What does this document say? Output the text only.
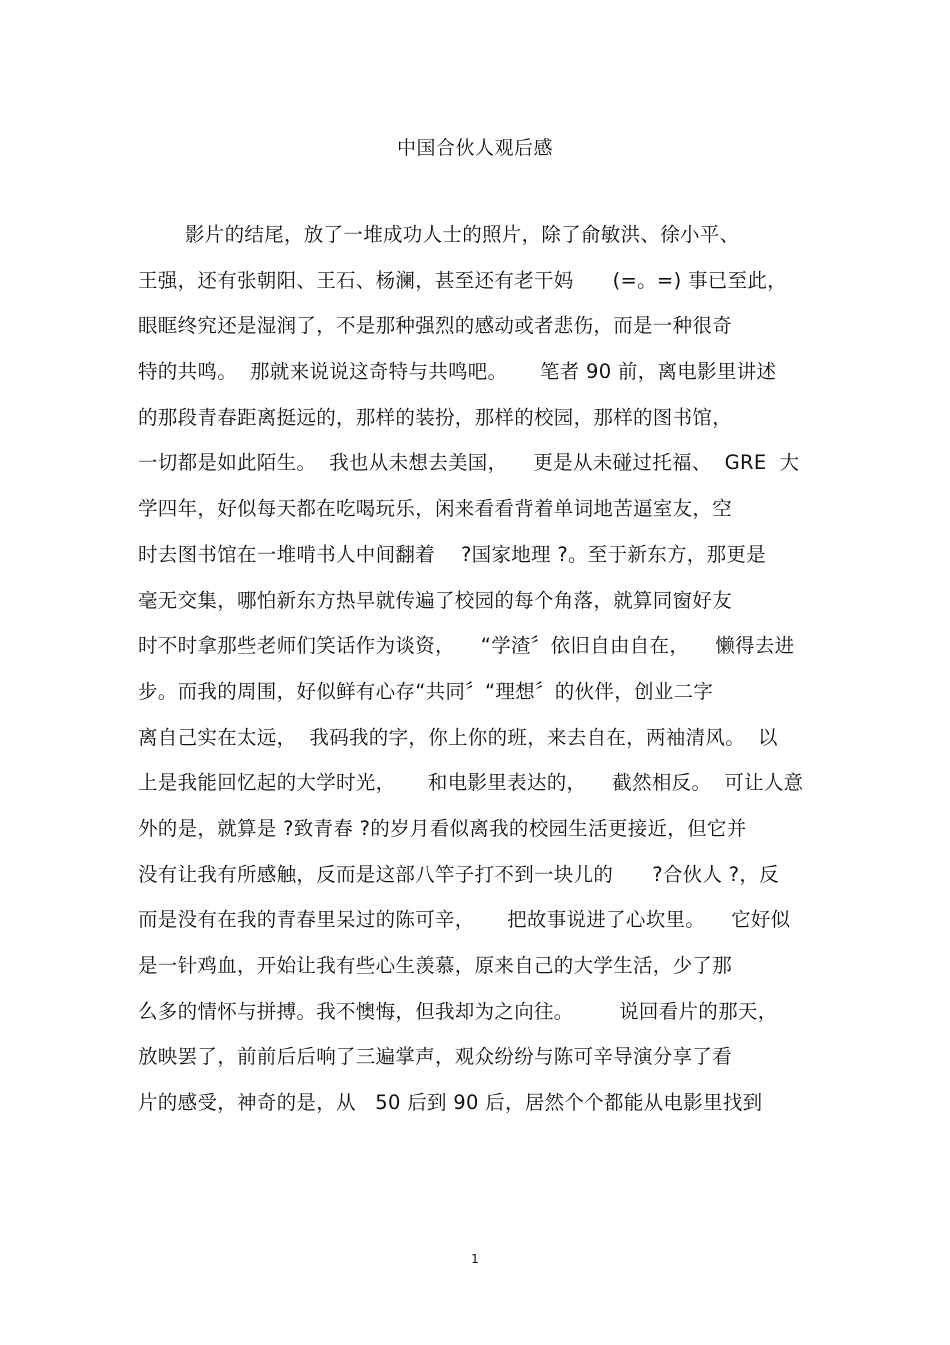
中国合伙人观后感
影片的结尾，放了一堆成功人士的照片，除了俞敏洪、徐小平、
王强，还有张朝阳、王石、杨澜，甚至还有老干妈      (=。=) 事已至此，
眼眶终究还是湿润了，不是那种强烈的感动或者悲伤，而是一种很奇
特的共鸣。  那就来说说这奇特与共鸣吧。     笔者 90 前，离电影里讲述
的那段青春距离挺远的，那样的装扮，那样的校园，那样的图书馆，
一切都是如此陌生。  我也从未想去美国，    更是从未碰过托福、  GRE  大
学四年，好似每天都在吃喝玩乐，闲来看看背着单词地苦逼室友，空
时去图书馆在一堆啃书人中间翻着    ?国家地理 ?。至于新东方，那更是
毫无交集，哪怕新东方热早就传遍了校园的每个角落，就算同窗好友
时不时拿那些老师们笑话作为谈资，    “学渣〞依旧自由自在，    懒得去进
步。而我的周围，好似鲜有心存“共同〞“理想〞的伙伴，创业二字
离自己实在太远，  我码我的字，你上你的班，来去自在，两袖清风。  以
上是我能回忆起的大学时光，     和电影里表达的，    截然相反。  可让人意
外的是，就算是 ?致青春 ?的岁月看似离我的校园生活更接近，但它并
没有让我有所感触，反而是这部八竿子打不到一块儿的      ?合伙人 ?，反
而是没有在我的青春里呆过的陈可辛，     把故事说进了心坎里。    它好似
是一针鸡血，开始让我有些心生羡慕，原来自己的大学生活，少了那
么多的情怀与拼搏。我不懊悔，但我却为之向往。       说回看片的那天，
放映罢了，前前后后响了三遍掌声，观众纷纷与陈可辛导演分享了看
片的感受，神奇的是，从   50 后到 90 后，居然个个都能从电影里找到
1
